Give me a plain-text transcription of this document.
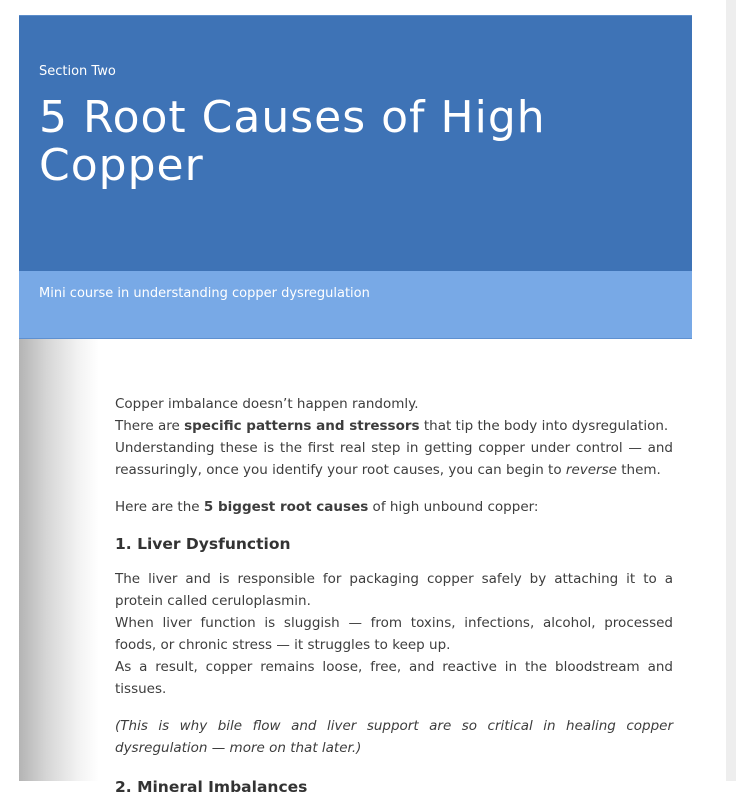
Section Two
5 Root Causes of High Copper
Mini course in understanding copper dysregulation

Copper imbalance doesn’t happen randomly.
There are specific patterns and stressors that tip the body into dysregulation.
Understanding these is the first real step in getting copper under control — and reassuringly, once you identify your root causes, you can begin to reverse them.

Here are the 5 biggest root causes of high unbound copper:

1. Liver Dysfunction

The liver and is responsible for packaging copper safely by attaching it to a protein called ceruloplasmin.
When liver function is sluggish — from toxins, infections, alcohol, processed foods, or chronic stress — it struggles to keep up.
As a result, copper remains loose, free, and reactive in the bloodstream and tissues.

(This is why bile flow and liver support are so critical in healing copper dysregulation — more on that later.)

2. Mineral Imbalances
